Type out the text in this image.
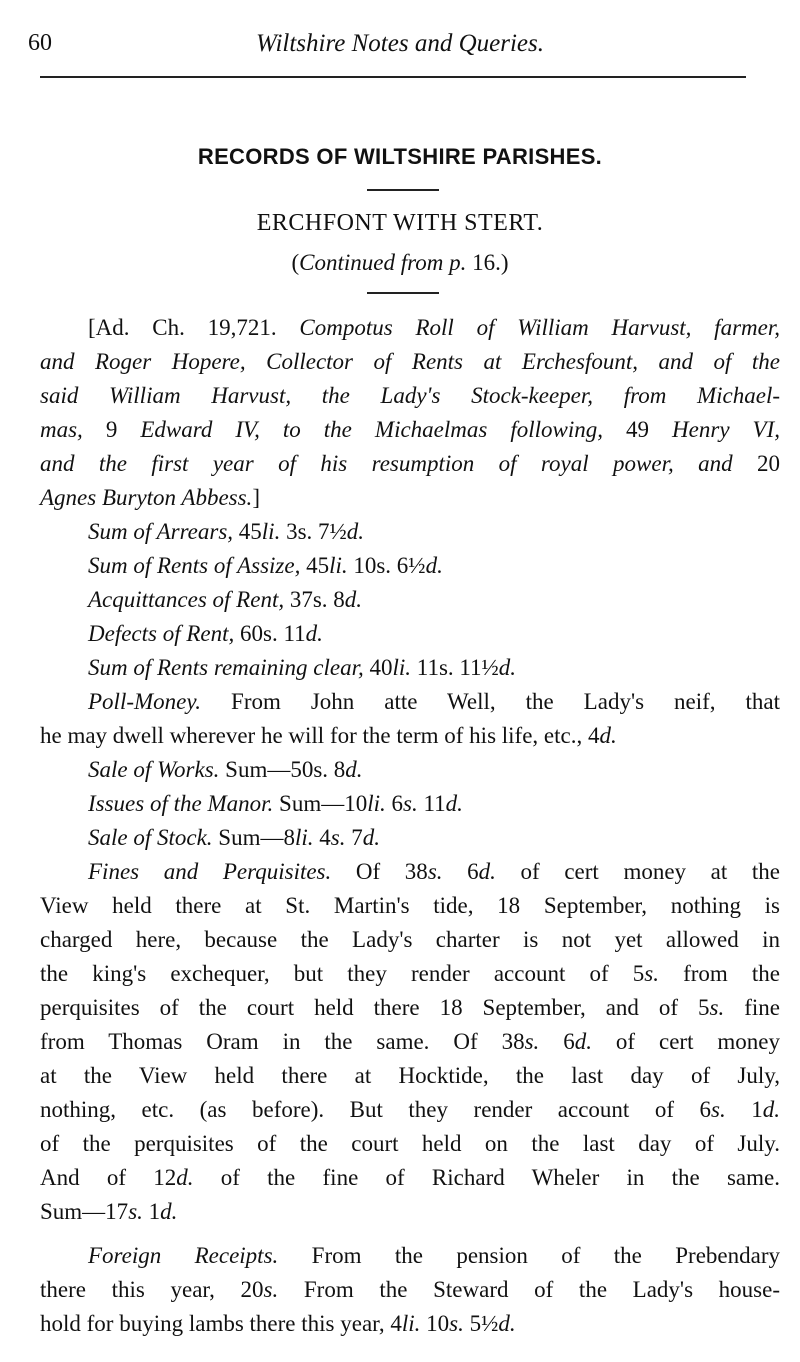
60	Wiltshire Notes and Queries.
RECORDS OF WILTSHIRE PARISHES.
ERCHFONT WITH STERT.
(Continued from p. 16.)
[Ad. Ch. 19,721. Compotus Roll of William Harvust, farmer,
and Roger Hopere, Collector of Rents at Erchesfount, and of the
said William Harvust, the Lady's Stock-keeper, from Michael-
mas, 9 Edward IV, to the Michaelmas following, 49 Henry VI,
and the first year of his resumption of royal power, and 20
Agnes Buryton Abbess.]
Sum of Arrears, 45li. 3s. 7½d.
Sum of Rents of Assize, 45li. 10s. 6½d.
Acquittances of Rent, 37s. 8d.
Defects of Rent, 60s. 11d.
Sum of Rents remaining clear, 40li. 11s. 11½d.
Poll-Money. From John atte Well, the Lady's neif, that
he may dwell wherever he will for the term of his life, etc., 4d.
Sale of Works. Sum—50s. 8d.
Issues of the Manor. Sum—10li. 6s. 11d.
Sale of Stock. Sum—8li. 4s. 7d.
Fines and Perquisites. Of 38s. 6d. of cert money at the
View held there at St. Martin's tide, 18 September, nothing is
charged here, because the Lady's charter is not yet allowed in
the king's exchequer, but they render account of 5s. from the
perquisites of the court held there 18 September, and of 5s. fine
from Thomas Oram in the same. Of 38s. 6d. of cert money
at the View held there at Hocktide, the last day of July,
nothing, etc. (as before). But they render account of 6s. 1d.
of the perquisites of the court held on the last day of July.
And of 12d. of the fine of Richard Wheler in the same.
Sum—17s. 1d.
Foreign Receipts. From the pension of the Prebendary
there this year, 20s. From the Steward of the Lady's house-
hold for buying lambs there this year, 4li. 10s. 5½d.
